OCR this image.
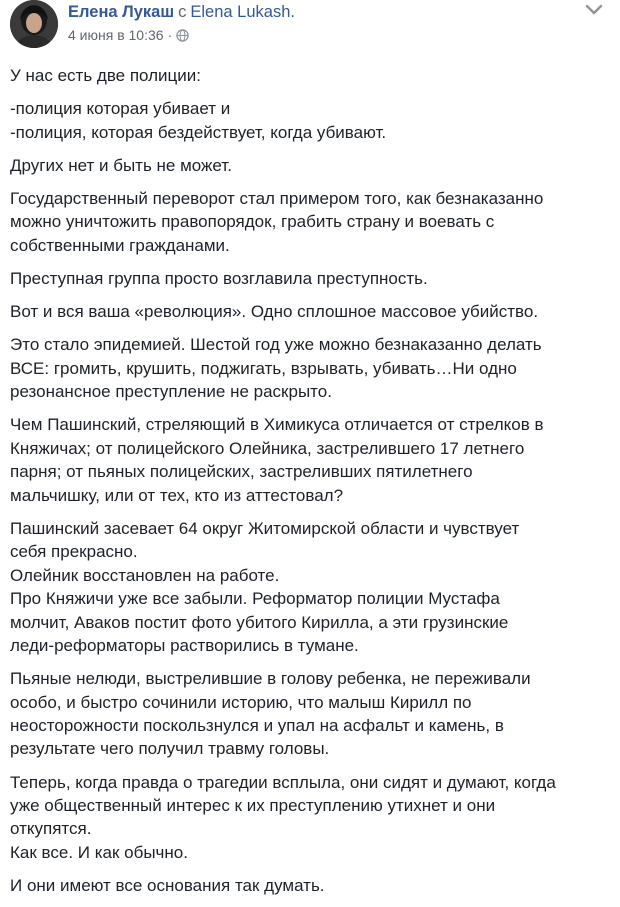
Елена Лукаш с Elena Lukash.
4 июня в 10:36 ·

У нас есть две полиции:

-полиция которая убивает и
-полиция, которая бездействует, когда убивают.

Других нет и быть не может.

Государственный переворот стал примером того, как безнаказанно
можно уничтожить правопорядок, грабить страну и воевать с
собственными гражданами.

Преступная группа просто возглавила преступность.

Вот и вся ваша «революция». Одно сплошное массовое убийство.

Это стало эпидемией. Шестой год уже можно безнаказанно делать
ВСЕ: громить, крушить, поджигать, взрывать, убивать…Ни одно
резонансное преступление не раскрыто.

Чем Пашинский, стреляющий в Химикуса отличается от стрелков в
Княжичах; от полицейского Олейника, застрелившего 17 летнего
парня; от пьяных полицейских, застреливших пятилетнего
мальчишку, или от тех, кто из аттестовал?

Пашинский засевает 64 округ Житомирской области и чувствует
себя прекрасно.
Олейник восстановлен на работе.
Про Княжичи уже все забыли. Реформатор полиции Мустафа
молчит, Аваков постит фото убитого Кирилла, а эти грузинские
леди-реформаторы растворились в тумане.

Пьяные нелюди, выстрелившие в голову ребенка, не переживали
особо, и быстро сочинили историю, что малыш Кирилл по
неосторожности поскользнулся и упал на асфальт и камень, в
результате чего получил травму головы.

Теперь, когда правда о трагедии всплыла, они сидят и думают, когда
уже общественный интерес к их преступлению утихнет и они
откупятся.
Как все. И как обычно.

И они имеют все основания так думать.
